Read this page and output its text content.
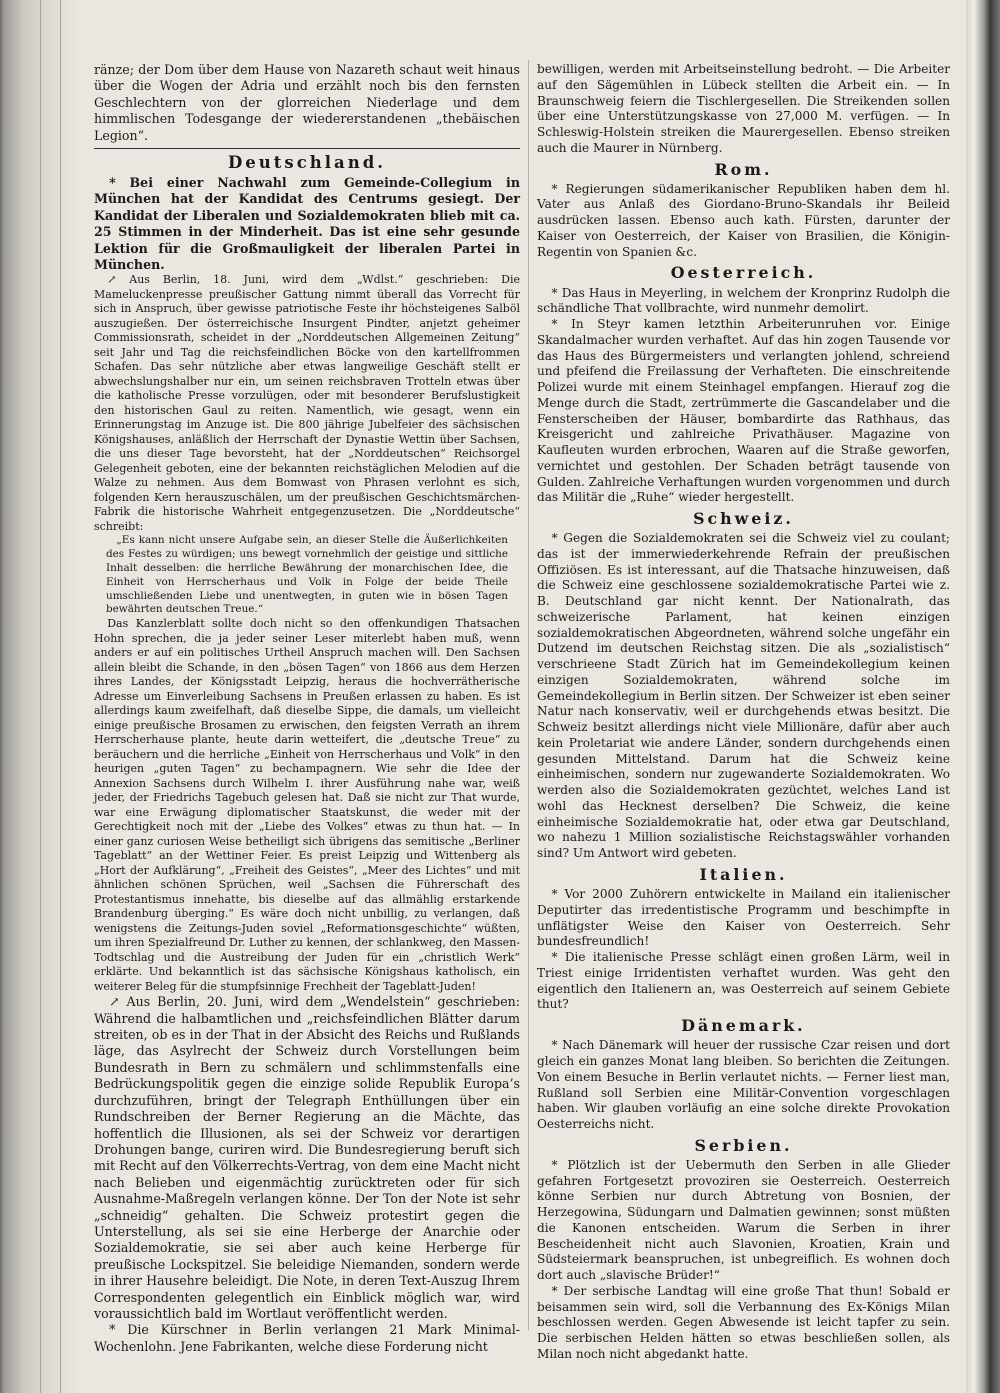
ränze; der Dom über dem Hause von Nazareth schaut weit hinaus über die Wogen der Adria und erzählt noch bis den fernsten Geschlechtern von der glorreichen Niederlage und dem himmlischen Todesgange der wiedererstandenen „thebäischen Legion“.

Deutschland.

* Bei einer Nachwahl zum Gemeinde-Collegium in München hat der Kandidat des Centrums gesiegt. Der Kandidat der Liberalen und Sozialdemokraten blieb mit ca. 25 Stimmen in der Minderheit. Das ist eine sehr gesunde Lektion für die Großmauligkeit der liberalen Partei in München.

↗ Aus Berlin, 18. Juni, wird dem „Wdlst.“ geschrieben: Die Mameluckenpresse preußischer Gattung nimmt überall das Vorrecht für sich in Anspruch, über gewisse patriotische Feste ihr höchsteigenes Salböl auszugießen. Der österreichische Insurgent Pindter, anjetzt geheimer Commissionsrath, scheidet in der „Norddeutschen Allgemeinen Zeitung“ seit Jahr und Tag die reichsfeindlichen Böcke von den kartellfrommen Schafen. Das sehr nützliche aber etwas langweilige Geschäft stellt er abwechslungshalber nur ein, um seinen reichsbraven Trotteln etwas über die katholische Presse vorzulügen, oder mit besonderer Berufslustigkeit den historischen Gaul zu reiten. Namentlich, wie gesagt, wenn ein Erinnerungstag im Anzuge ist. Die 800 jährige Jubelfeier des sächsischen Königshauses, anläßlich der Herrschaft der Dynastie Wettin über Sachsen, die uns dieser Tage bevorsteht, hat der „Norddeutschen“ Reichsorgel Gelegenheit geboten, eine der bekannten reichstäglichen Melodien auf die Walze zu nehmen. Aus dem Bomwast von Phrasen verlohnt es sich, folgenden Kern herauszuschälen, um der preußischen Geschichtsmärchen-Fabrik die historische Wahrheit entgegenzusetzen. Die „Norddeutsche“ schreibt:

„Es kann nicht unsere Aufgabe sein, an dieser Stelle die Äußerlichkeiten des Festes zu würdigen; uns bewegt vornehmlich der geistige und sittliche Inhalt desselben: die herrliche Bewährung der monarchischen Idee, die Einheit von Herrscherhaus und Volk in Folge der beide Theile umschließenden Liebe und unentwegten, in guten wie in bösen Tagen bewährten deutschen Treue.“

Das Kanzlerblatt sollte doch nicht so den offenkundigen Thatsachen Hohn sprechen, die ja jeder seiner Leser miterlebt haben muß, wenn anders er auf ein politisches Urtheil Anspruch machen will. Den Sachsen allein bleibt die Schande, in den „bösen Tagen“ von 1866 aus dem Herzen ihres Landes, der Königsstadt Leipzig, heraus die hochverrätherische Adresse um Einverleibung Sachsens in Preußen erlassen zu haben. Es ist allerdings kaum zweifelhaft, daß dieselbe Sippe, die damals, um vielleicht einige preußische Brosamen zu erwischen, den feigsten Verrath an ihrem Herrscherhause plante, heute darin wetteifert, die „deutsche Treue“ zu beräuchern und die herrliche „Einheit von Herrscherhaus und Volk“ in den heurigen „guten Tagen“ zu bechampagnern. Wie sehr die Idee der Annexion Sachsens durch Wilhelm I. ihrer Ausführung nahe war, weiß jeder, der Friedrichs Tagebuch gelesen hat. Daß sie nicht zur That wurde, war eine Erwägung diplomatischer Staatskunst, die weder mit der Gerechtigkeit noch mit der „Liebe des Volkes“ etwas zu thun hat. — In einer ganz curiosen Weise betheiligt sich übrigens das semitische „Berliner Tageblatt“ an der Wettiner Feier. Es preist Leipzig und Wittenberg als „Hort der Aufklärung“, „Freiheit des Geistes“, „Meer des Lichtes“ und mit ähnlichen schönen Sprüchen, weil „Sachsen die Führerschaft des Protestantismus innehatte, bis dieselbe auf das allmählig erstarkende Brandenburg überging.“ Es wäre doch nicht unbillig, zu verlangen, daß wenigstens die Zeitungs-Juden soviel „Reformationsgeschichte“ wüßten, um ihren Spezialfreund Dr. Luther zu kennen, der schlankweg, den Massen-Todtschlag und die Austreibung der Juden für ein „christlich Werk“ erklärte. Und bekanntlich ist das sächsische Königshaus katholisch, ein weiterer Beleg für die stumpfsinnige Frechheit der Tageblatt-Juden!

↗ Aus Berlin, 20. Juni, wird dem „Wendelstein“ geschrieben: Während die halbamtlichen und „reichsfeindlichen Blätter darum streiten, ob es in der That in der Absicht des Reichs und Rußlands läge, das Asylrecht der Schweiz durch Vorstellungen beim Bundesrath in Bern zu schmälern und schlimmstenfalls eine Bedrückungspolitik gegen die einzige solide Republik Europa’s durchzuführen, bringt der Telegraph Enthüllungen über ein Rundschreiben der Berner Regierung an die Mächte, das hoffentlich die Illusionen, als sei der Schweiz vor derartigen Drohungen bange, curiren wird. Die Bundesregierung beruft sich mit Recht auf den Völkerrechts-Vertrag, von dem eine Macht nicht nach Belieben und eigenmächtig zurücktreten oder für sich Ausnahme-Maßregeln verlangen könne. Der Ton der Note ist sehr „schneidig“ gehalten. Die Schweiz protestirt gegen die Unterstellung, als sei sie eine Herberge der Anarchie oder Sozialdemokratie, sie sei aber auch keine Herberge für preußische Lockspitzel. Sie beleidige Niemanden, sondern werde in ihrer Hausehre beleidigt. Die Note, in deren Text-Auszug Ihrem Correspondenten gelegentlich ein Einblick möglich war, wird voraussichtlich bald im Wortlaut veröffentlicht werden.

* Die Kürschner in Berlin verlangen 21 Mark Minimal-Wochenlohn. Jene Fabrikanten, welche diese Forderung nicht

bewilligen, werden mit Arbeitseinstellung bedroht. — Die Arbeiter auf den Sägemühlen in Lübeck stellten die Arbeit ein. — In Braunschweig feiern die Tischlergesellen. Die Streikenden sollen über eine Unterstützungskasse von 27,000 M. verfügen. — In Schleswig-Holstein streiken die Maurergesellen. Ebenso streiken auch die Maurer in Nürnberg.

Rom.

* Regierungen südamerikanischer Republiken haben dem hl. Vater aus Anlaß des Giordano-Bruno-Skandals ihr Beileid ausdrücken lassen. Ebenso auch kath. Fürsten, darunter der Kaiser von Oesterreich, der Kaiser von Brasilien, die Königin-Regentin von Spanien &c.

Oesterreich.

* Das Haus in Meyerling, in welchem der Kronprinz Rudolph die schändliche That vollbrachte, wird nunmehr demolirt.

* In Steyr kamen letzthin Arbeiterunruhen vor. Einige Skandalmacher wurden verhaftet. Auf das hin zogen Tausende vor das Haus des Bürgermeisters und verlangten johlend, schreiend und pfeifend die Freilassung der Verhafteten. Die einschreitende Polizei wurde mit einem Steinhagel empfangen. Hierauf zog die Menge durch die Stadt, zertrümmerte die Gascandelaber und die Fensterscheiben der Häuser, bombardirte das Rathhaus, das Kreisgericht und zahlreiche Privathäuser. Magazine von Kaufleuten wurden erbrochen, Waaren auf die Straße geworfen, vernichtet und gestohlen. Der Schaden beträgt tausende von Gulden. Zahlreiche Verhaftungen wurden vorgenommen und durch das Militär die „Ruhe“ wieder hergestellt.

Schweiz.

* Gegen die Sozialdemokraten sei die Schweiz viel zu coulant; das ist der immerwiederkehrende Refrain der preußischen Offiziösen. Es ist interessant, auf die Thatsache hinzuweisen, daß die Schweiz eine geschlossene sozialdemokratische Partei wie z. B. Deutschland gar nicht kennt. Der Nationalrath, das schweizerische Parlament, hat keinen einzigen sozialdemokratischen Abgeordneten, während solche ungefähr ein Dutzend im deutschen Reichstag sitzen. Die als „sozialistisch“ verschrieene Stadt Zürich hat im Gemeindekollegium keinen einzigen Sozialdemokraten, während solche im Gemeindekollegium in Berlin sitzen. Der Schweizer ist eben seiner Natur nach konservativ, weil er durchgehends etwas besitzt. Die Schweiz besitzt allerdings nicht viele Millionäre, dafür aber auch kein Proletariat wie andere Länder, sondern durchgehends einen gesunden Mittelstand. Darum hat die Schweiz keine einheimischen, sondern nur zugewanderte Sozialdemokraten. Wo werden also die Sozialdemokraten gezüchtet, welches Land ist wohl das Hecknest derselben? Die Schweiz, die keine einheimische Sozialdemokratie hat, oder etwa gar Deutschland, wo nahezu 1 Million sozialistische Reichstagswähler vorhanden sind? Um Antwort wird gebeten.

Italien.

* Vor 2000 Zuhörern entwickelte in Mailand ein italienischer Deputirter das irredentistische Programm und beschimpfte in unflätigster Weise den Kaiser von Oesterreich. Sehr bundesfreundlich!

* Die italienische Presse schlägt einen großen Lärm, weil in Triest einige Irridentisten verhaftet wurden. Was geht den eigentlich den Italienern an, was Oesterreich auf seinem Gebiete thut?

Dänemark.

* Nach Dänemark will heuer der russische Czar reisen und dort gleich ein ganzes Monat lang bleiben. So berichten die Zeitungen. Von einem Besuche in Berlin verlautet nichts. — Ferner liest man, Rußland soll Serbien eine Militär-Convention vorgeschlagen haben. Wir glauben vorläufig an eine solche direkte Provokation Oesterreichs nicht.

Serbien.

* Plötzlich ist der Uebermuth den Serben in alle Glieder gefahren Fortgesetzt provoziren sie Oesterreich. Oesterreich könne Serbien nur durch Abtretung von Bosnien, der Herzegowina, Südungarn und Dalmatien gewinnen; sonst müßten die Kanonen entscheiden. Warum die Serben in ihrer Bescheidenheit nicht auch Slavonien, Kroatien, Krain und Südsteiermark beanspruchen, ist unbegreiflich. Es wohnen doch dort auch „slavische Brüder!“

* Der serbische Landtag will eine große That thun! Sobald er beisammen sein wird, soll die Verbannung des Ex-Königs Milan beschlossen werden. Gegen Abwesende ist leicht tapfer zu sein. Die serbischen Helden hätten so etwas beschließen sollen, als Milan noch nicht abgedankt hatte.
